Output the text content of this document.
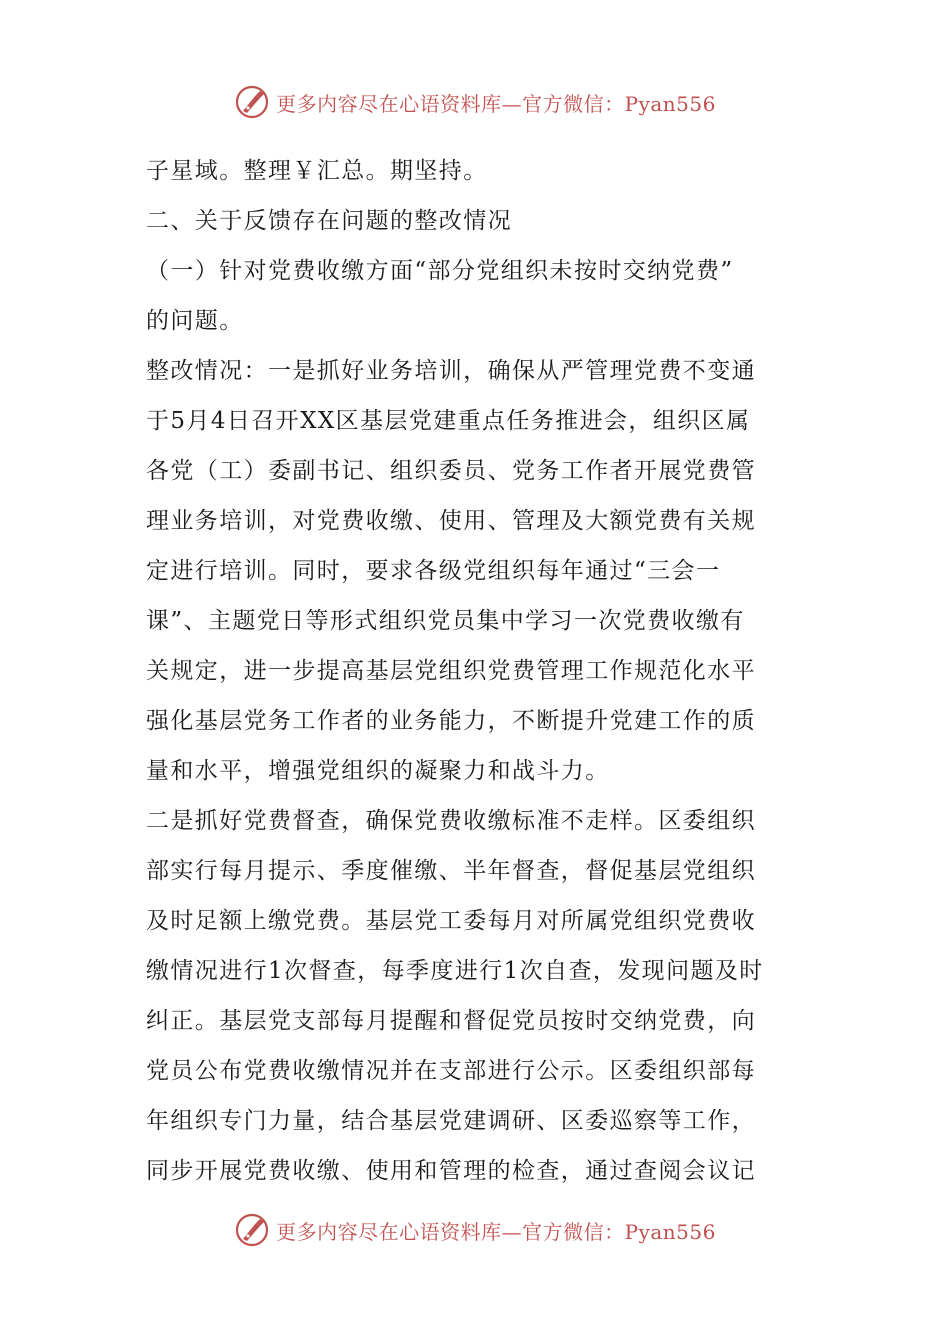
更多内容尽在心语资料库—官方微信：Pyan556
子星域。整理￥汇总。期坚持。
二、关于反馈存在问题的整改情况
（一）针对党费收缴方面“部分党组织未按时交纳党费”
的问题。
整改情况：一是抓好业务培训，确保从严管理党费不变通
于5月4日召开XX区基层党建重点任务推进会，组织区属
各党（工）委副书记、组织委员、党务工作者开展党费管
理业务培训，对党费收缴、使用、管理及大额党费有关规
定进行培训。同时，要求各级党组织每年通过“三会一
课”、主题党日等形式组织党员集中学习一次党费收缴有
关规定，进一步提高基层党组织党费管理工作规范化水平
强化基层党务工作者的业务能力，不断提升党建工作的质
量和水平，增强党组织的凝聚力和战斗力。
二是抓好党费督查，确保党费收缴标准不走样。区委组织
部实行每月提示、季度催缴、半年督查，督促基层党组织
及时足额上缴党费。基层党工委每月对所属党组织党费收
缴情况进行1次督查，每季度进行1次自查，发现问题及时
纠正。基层党支部每月提醒和督促党员按时交纳党费，向
党员公布党费收缴情况并在支部进行公示。区委组织部每
年组织专门力量，结合基层党建调研、区委巡察等工作，
同步开展党费收缴、使用和管理的检查，通过查阅会议记
更多内容尽在心语资料库—官方微信：Pyan556
